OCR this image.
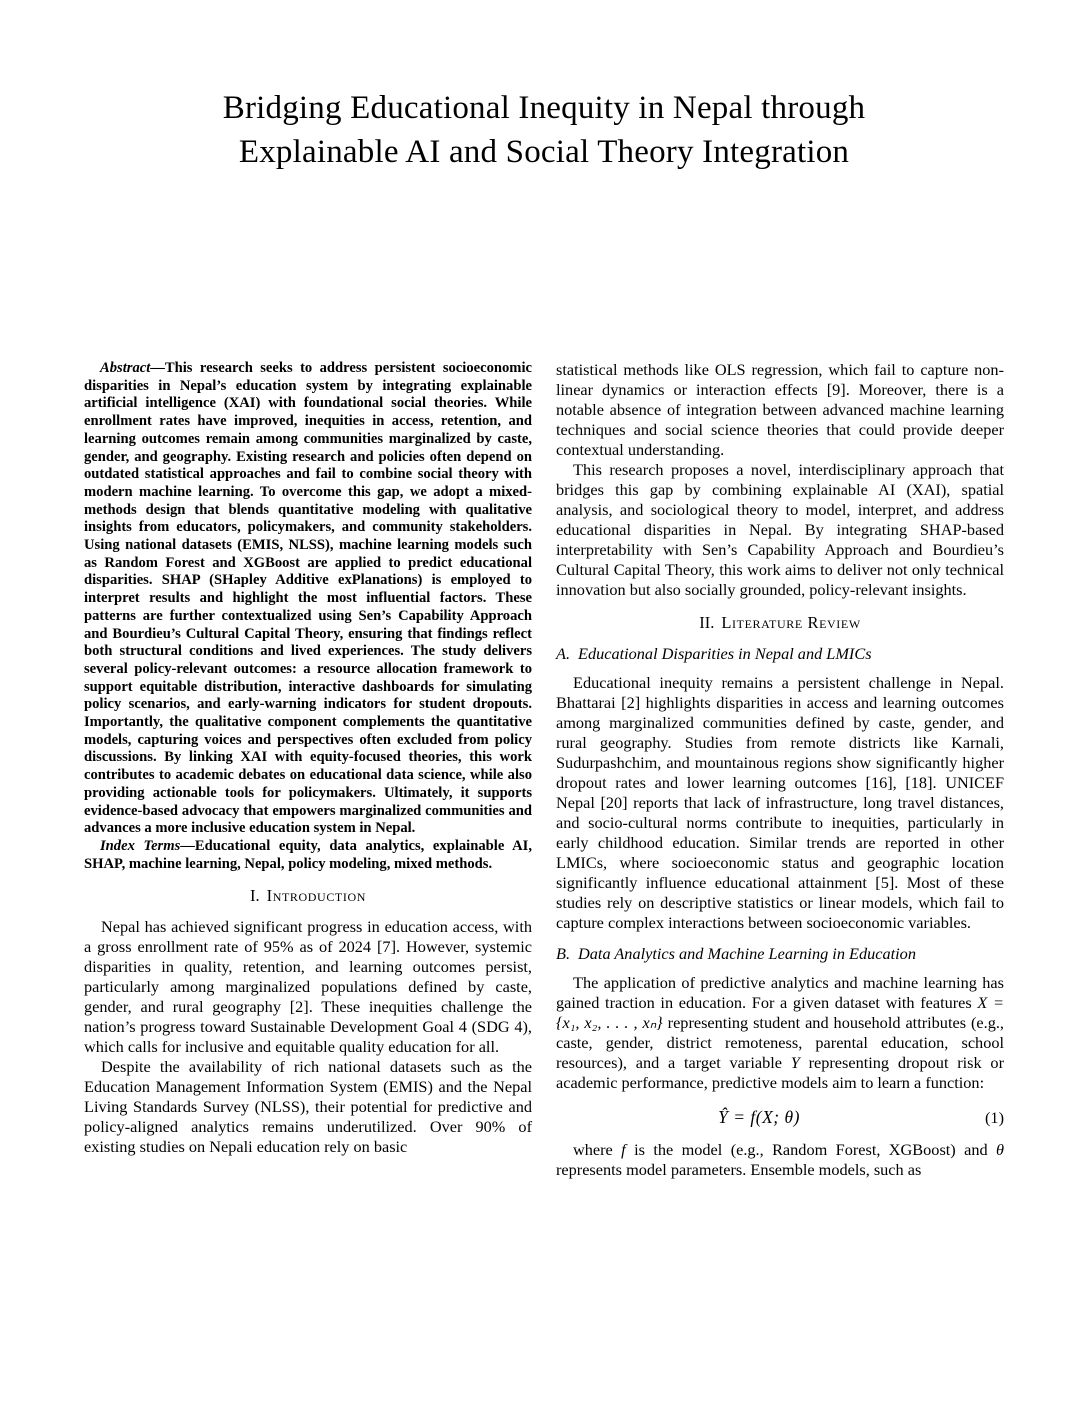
Bridging Educational Inequity in Nepal through
Explainable AI and Social Theory Integration

Abstract—This research seeks to address persistent socioeconomic disparities in Nepal’s education system by integrating explainable artificial intelligence (XAI) with foundational social theories. While enrollment rates have improved, inequities in access, retention, and learning outcomes remain among communities marginalized by caste, gender, and geography. Existing research and policies often depend on outdated statistical approaches and fail to combine social theory with modern machine learning. To overcome this gap, we adopt a mixed-methods design that blends quantitative modeling with qualitative insights from educators, policymakers, and community stakeholders. Using national datasets (EMIS, NLSS), machine learning models such as Random Forest and XGBoost are applied to predict educational disparities. SHAP (SHapley Additive exPlanations) is employed to interpret results and highlight the most influential factors. These patterns are further contextualized using Sen’s Capability Approach and Bourdieu’s Cultural Capital Theory, ensuring that findings reflect both structural conditions and lived experiences. The study delivers several policy-relevant outcomes: a resource allocation framework to support equitable distribution, interactive dashboards for simulating policy scenarios, and early-warning indicators for student dropouts. Importantly, the qualitative component complements the quantitative models, capturing voices and perspectives often excluded from policy discussions. By linking XAI with equity-focused theories, this work contributes to academic debates on educational data science, while also providing actionable tools for policymakers. Ultimately, it supports evidence-based advocacy that empowers marginalized communities and advances a more inclusive education system in Nepal.

Index Terms—Educational equity, data analytics, explainable AI, SHAP, machine learning, Nepal, policy modeling, mixed methods.

I. Introduction

Nepal has achieved significant progress in education access, with a gross enrollment rate of 95% as of 2024 [7]. However, systemic disparities in quality, retention, and learning outcomes persist, particularly among marginalized populations defined by caste, gender, and rural geography [2]. These inequities challenge the nation’s progress toward Sustainable Development Goal 4 (SDG 4), which calls for inclusive and equitable quality education for all.

Despite the availability of rich national datasets such as the Education Management Information System (EMIS) and the Nepal Living Standards Survey (NLSS), their potential for predictive and policy-aligned analytics remains underutilized. Over 90% of existing studies on Nepali education rely on basic

statistical methods like OLS regression, which fail to capture non-linear dynamics or interaction effects [9]. Moreover, there is a notable absence of integration between advanced machine learning techniques and social science theories that could provide deeper contextual understanding.

This research proposes a novel, interdisciplinary approach that bridges this gap by combining explainable AI (XAI), spatial analysis, and sociological theory to model, interpret, and address educational disparities in Nepal. By integrating SHAP-based interpretability with Sen’s Capability Approach and Bourdieu’s Cultural Capital Theory, this work aims to deliver not only technical innovation but also socially grounded, policy-relevant insights.

II. Literature Review
A. Educational Disparities in Nepal and LMICs

Educational inequity remains a persistent challenge in Nepal. Bhattarai [2] highlights disparities in access and learning outcomes among marginalized communities defined by caste, gender, and rural geography. Studies from remote districts like Karnali, Sudurpashchim, and mountainous regions show significantly higher dropout rates and lower learning outcomes [16], [18]. UNICEF Nepal [20] reports that lack of infrastructure, long travel distances, and socio-cultural norms contribute to inequities, particularly in early childhood education. Similar trends are reported in other LMICs, where socioeconomic status and geographic location significantly influence educational attainment [5]. Most of these studies rely on descriptive statistics or linear models, which fail to capture complex interactions between socioeconomic variables.

B. Data Analytics and Machine Learning in Education

The application of predictive analytics and machine learning has gained traction in education. For a given dataset with features X = {x₁, x₂, . . . , xₙ} representing student and household attributes (e.g., caste, gender, district remoteness, parental education, school resources), and a target variable Y representing dropout risk or academic performance, predictive models aim to learn a function:

Ŷ = f(X; θ)	(1)

where f is the model (e.g., Random Forest, XGBoost) and θ represents model parameters. Ensemble models, such as
